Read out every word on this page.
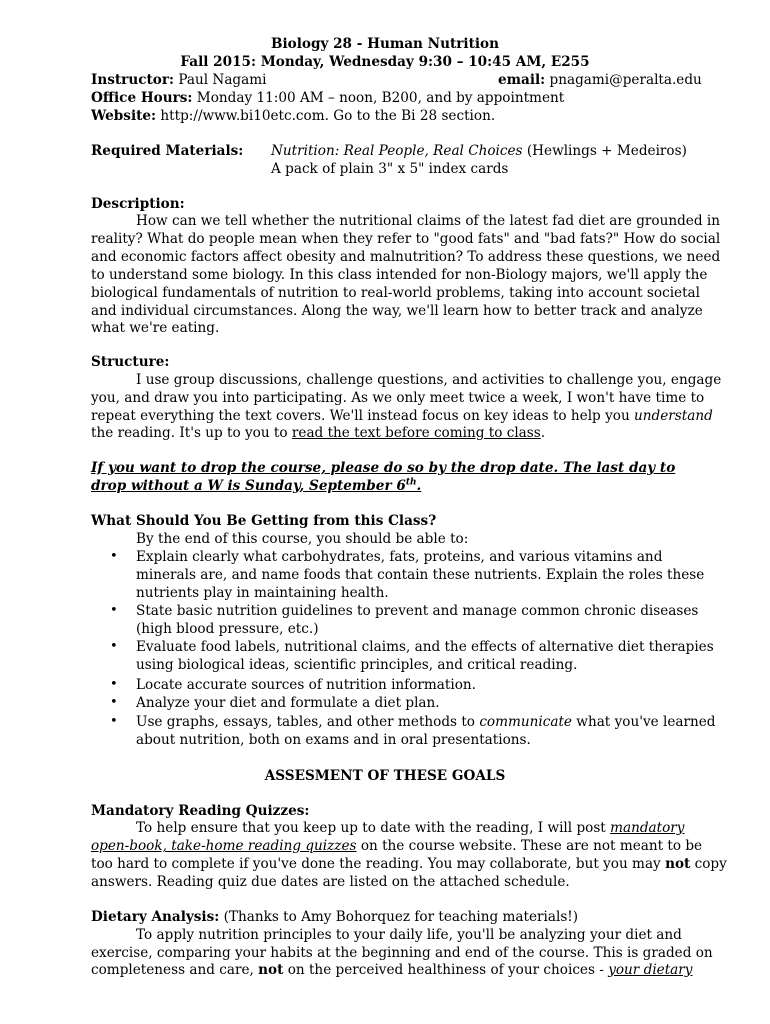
Biology 28 - Human Nutrition
Fall 2015: Monday, Wednesday 9:30 – 10:45 AM, E255
Instructor: Paul Nagami	email: pnagami@peralta.edu
Office Hours: Monday 11:00 AM – noon, B200, and by appointment
Website: http://www.bi10etc.com. Go to the Bi 28 section.
Required Materials: Nutrition: Real People, Real Choices (Hewlings + Medeiros)
A pack of plain 3" x 5" index cards
Description:
How can we tell whether the nutritional claims of the latest fad diet are grounded in
reality? What do people mean when they refer to "good fats" and "bad fats?" How do social
and economic factors affect obesity and malnutrition? To address these questions, we need
to understand some biology. In this class intended for non-Biology majors, we'll apply the
biological fundamentals of nutrition to real-world problems, taking into account societal
and individual circumstances. Along the way, we'll learn how to better track and analyze
what we're eating.
Structure:
I use group discussions, challenge questions, and activities to challenge you, engage
you, and draw you into participating. As we only meet twice a week, I won't have time to
repeat everything the text covers. We'll instead focus on key ideas to help you understand
the reading. It's up to you to read the text before coming to class.
If you want to drop the course, please do so by the drop date. The last day to
drop without a W is Sunday, September 6th.
What Should You Be Getting from this Class?
By the end of this course, you should be able to:
• Explain clearly what carbohydrates, fats, proteins, and various vitamins and
minerals are, and name foods that contain these nutrients. Explain the roles these
nutrients play in maintaining health.
• State basic nutrition guidelines to prevent and manage common chronic diseases
(high blood pressure, etc.)
• Evaluate food labels, nutritional claims, and the effects of alternative diet therapies
using biological ideas, scientific principles, and critical reading.
• Locate accurate sources of nutrition information.
• Analyze your diet and formulate a diet plan.
• Use graphs, essays, tables, and other methods to communicate what you've learned
about nutrition, both on exams and in oral presentations.
ASSESMENT OF THESE GOALS
Mandatory Reading Quizzes:
To help ensure that you keep up to date with the reading, I will post mandatory
open-book, take-home reading quizzes on the course website. These are not meant to be
too hard to complete if you've done the reading. You may collaborate, but you may not copy
answers. Reading quiz due dates are listed on the attached schedule.
Dietary Analysis: (Thanks to Amy Bohorquez for teaching materials!)
To apply nutrition principles to your daily life, you'll be analyzing your diet and
exercise, comparing your habits at the beginning and end of the course. This is graded on
completeness and care, not on the perceived healthiness of your choices - your dietary
